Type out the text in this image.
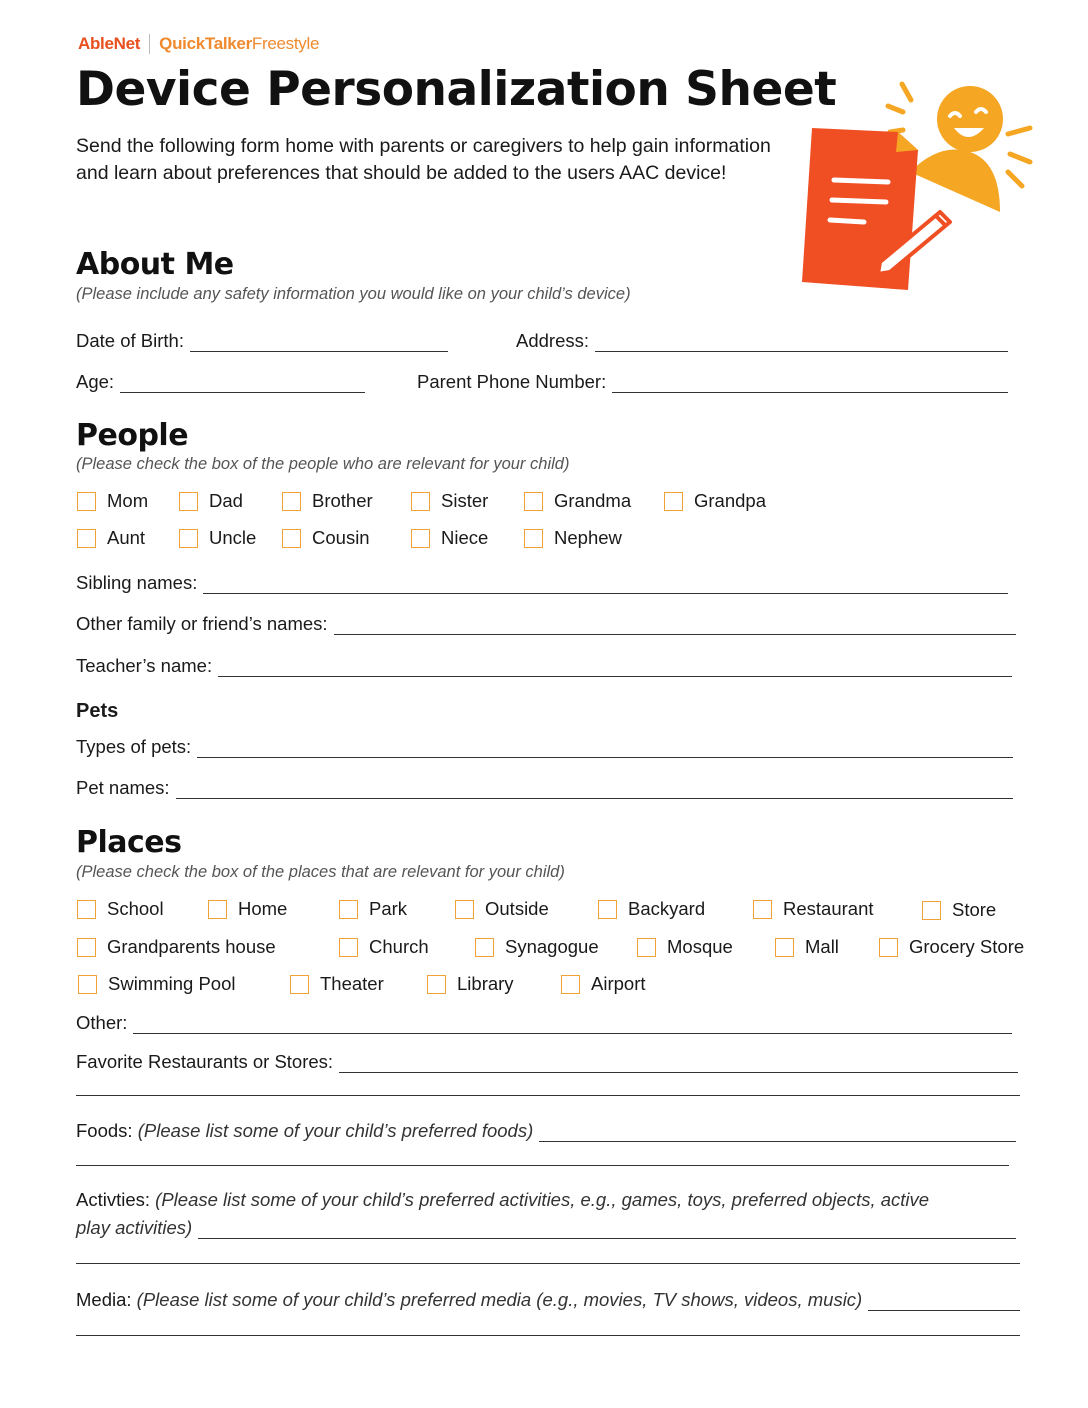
AbleNet QuickTalker Freestyle
Device Personalization Sheet
Send the following form home with parents or caregivers to help gain information and learn about preferences that should be added to the users AAC device!
About Me
(Please include any safety information you would like on your child’s device)
Date of Birth:	Address:
Age:	Parent Phone Number:
People
(Please check the box of the people who are relevant for your child)
Mom	Dad	Brother	Sister	Grandma	Grandpa
Aunt	Uncle	Cousin	Niece	Nephew
Sibling names:
Other family or friend’s names:
Teacher’s name:
Pets
Types of pets:
Pet names:
Places
(Please check the box of the places that are relevant for your child)
School	Home	Park	Outside	Backyard	Restaurant	Store
Grandparents house	Church	Synagogue	Mosque	Mall	Grocery Store
Swimming Pool	Theater	Library	Airport
Other:
Favorite Restaurants or Stores:
Foods:
(Please list some of your child’s preferred foods)
Activties: (Please list some of your child’s preferred activities, e.g., games, toys, preferred objects, active
play activities)
Media:
(Please list some of your child’s preferred media (e.g., movies, TV shows, videos, music)
